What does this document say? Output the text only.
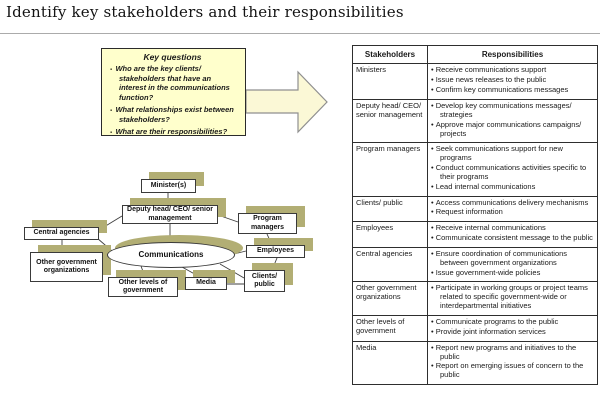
Identify key stakeholders and their responsibilities
Key questions
▪  Who are the key clients/ stakeholders that have an interest in the communications function?
▪  What relationships exist between stakeholders?
▪  What are their responsibilities?
Minister(s)
Deputy head/ CEO/ senior management	Program managers
Central agencies
Other government organizations
Communications
Other levels of government
Media
Clients/ public
Employees
Stakeholders	Responsibilities
Ministers	
•Receive communications support
• Issue news releases to the public
• Confirm key communications messages

Deputy head/ CEO/ senior management	
• Develop key communications messages/ strategies
• Approve major communications campaigns/ projects

Program managers	
•Seek communications support for new programs
• Conduct communications activities specific to their programs
• Lead internal communications

Clients/ public	
•Access communications delivery mechanisms
• Request information

Employees	
•Receive internal communications
• Communicate consistent message to the public

Central agencies	
•Ensure coordination of communications between government organizations
• Issue government-wide policies

Other government organizations	
• Participate in working groups or project teams related to specific government-wide or interdepartmental initiatives

Other levels of government	
• Communicate programs to the public
• Provide joint information services

Media	
•Report new programs and initiatives to the public
• Report on emerging issues of concern to the public
